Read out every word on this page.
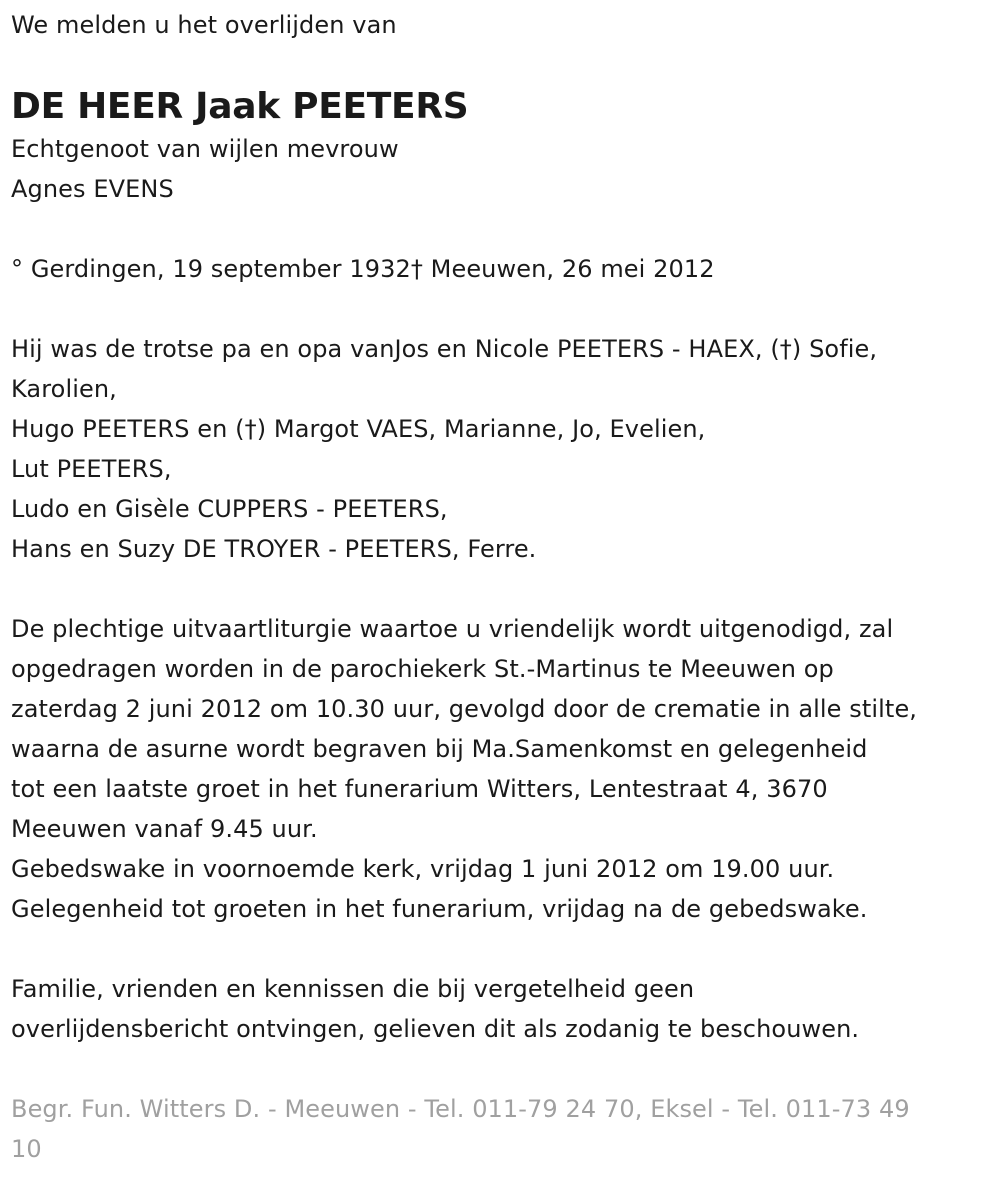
We melden u het overlijden van
DE HEER Jaak PEETERS
Echtgenoot van wijlen mevrouw
Agnes EVENS
° Gerdingen, 19 september 1932† Meeuwen, 26 mei 2012
Hij was de trotse pa en opa vanJos en Nicole PEETERS - HAEX, (†) Sofie,
Karolien,
Hugo PEETERS en (†) Margot VAES, Marianne, Jo, Evelien,
Lut PEETERS,
Ludo en Gisèle CUPPERS - PEETERS,
Hans en Suzy DE TROYER - PEETERS, Ferre.
De plechtige uitvaartliturgie waartoe u vriendelijk wordt uitgenodigd, zal
opgedragen worden in de parochiekerk St.-Martinus te Meeuwen op
zaterdag 2 juni 2012 om 10.30 uur, gevolgd door de crematie in alle stilte,
waarna de asurne wordt begraven bij Ma.Samenkomst en gelegenheid
tot een laatste groet in het funerarium Witters, Lentestraat 4, 3670
Meeuwen vanaf 9.45 uur.
Gebedswake in voornoemde kerk, vrijdag 1 juni 2012 om 19.00 uur.
Gelegenheid tot groeten in het funerarium, vrijdag na de gebedswake.
Familie, vrienden en kennissen die bij vergetelheid geen
overlijdensbericht ontvingen, gelieven dit als zodanig te beschouwen.
Begr. Fun. Witters D. - Meeuwen - Tel. 011-79 24 70, Eksel - Tel. 011-73 49
10
